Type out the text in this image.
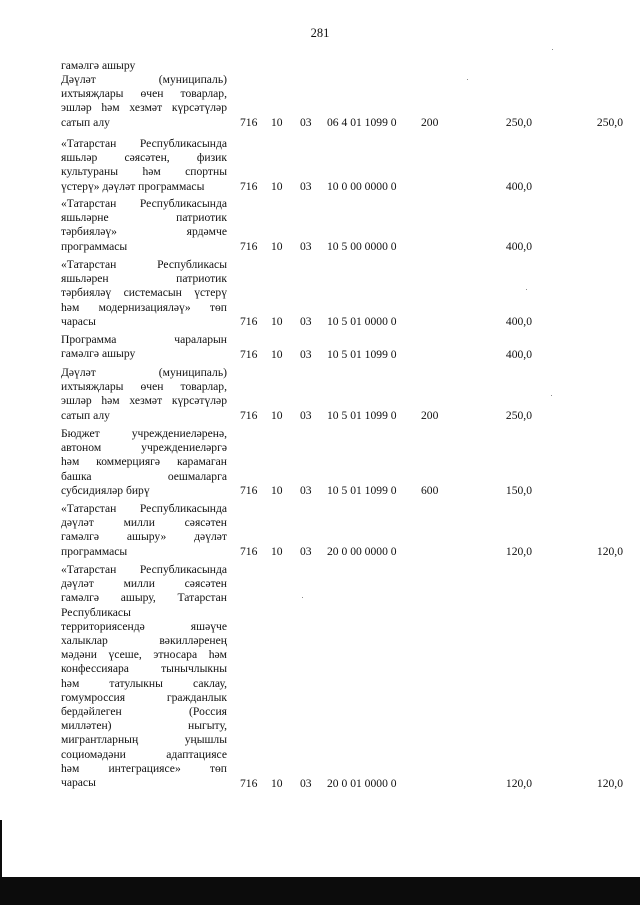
281
гамәлгә ашыру
Дәүләт (муниципаль)
ихтыяҗлары өчен товарлар,
эшләр һәм хезмәт күрсәтүләр
сатып алу	716 10 03 06 4 01 1099 0 200	250,0	250,0
«Татарстан Республикасында
яшьләр сәясәтен, физик
культураны һәм спортны
үстерү» дәүләт программасы	716 10 03 10 0 00 0000 0	400,0
«Татарстан Республикасында
яшьләрне патриотик
тәрбияләү» ярдәмче
программасы	716 10 03 10 5 00 0000 0	400,0
«Татарстан Республикасы
яшьләрен патриотик
тәрбияләү системасын үстерү
һәм модернизацияләү» төп
чарасы	716 10 03 10 5 01 0000 0	400,0
Программа чараларын
гамәлгә ашыру	716 10 03 10 5 01 1099 0	400,0
Дәүләт (муниципаль)
ихтыяҗлары өчен товарлар,
эшләр һәм хезмәт күрсәтүләр
сатып алу	716 10 03 10 5 01 1099 0 200	250,0
Бюджет учреждениеләренә,
автоном учреждениеләргә
һәм коммерциягә карамаган
башка оешмаларга
субсидияләр бирү	716 10 03 10 5 01 1099 0 600	150,0
«Татарстан Республикасында
дәүләт милли сәясәтен
гамәлгә ашыру» дәүләт
программасы	716 10 03 20 0 00 0000 0	120,0	120,0
«Татарстан Республикасында
дәүләт милли сәясәтен
гамәлгә ашыру, Татарстан
Республикасы
территориясендә яшәүче
халыклар вәкилләренең
мәдәни үсеше, этносара һәм
конфессияара тынычлыкны
һәм татулыкны саклау,
гомумроссия гражданлык
бердәйлеген (Россия
милләтен) ныгыту,
мигрантларның уңышлы
социомәдәни адаптациясе
һәм интеграциясе» төп
чарасы	716 10 03 20 0 01 0000 0	120,0	120,0
